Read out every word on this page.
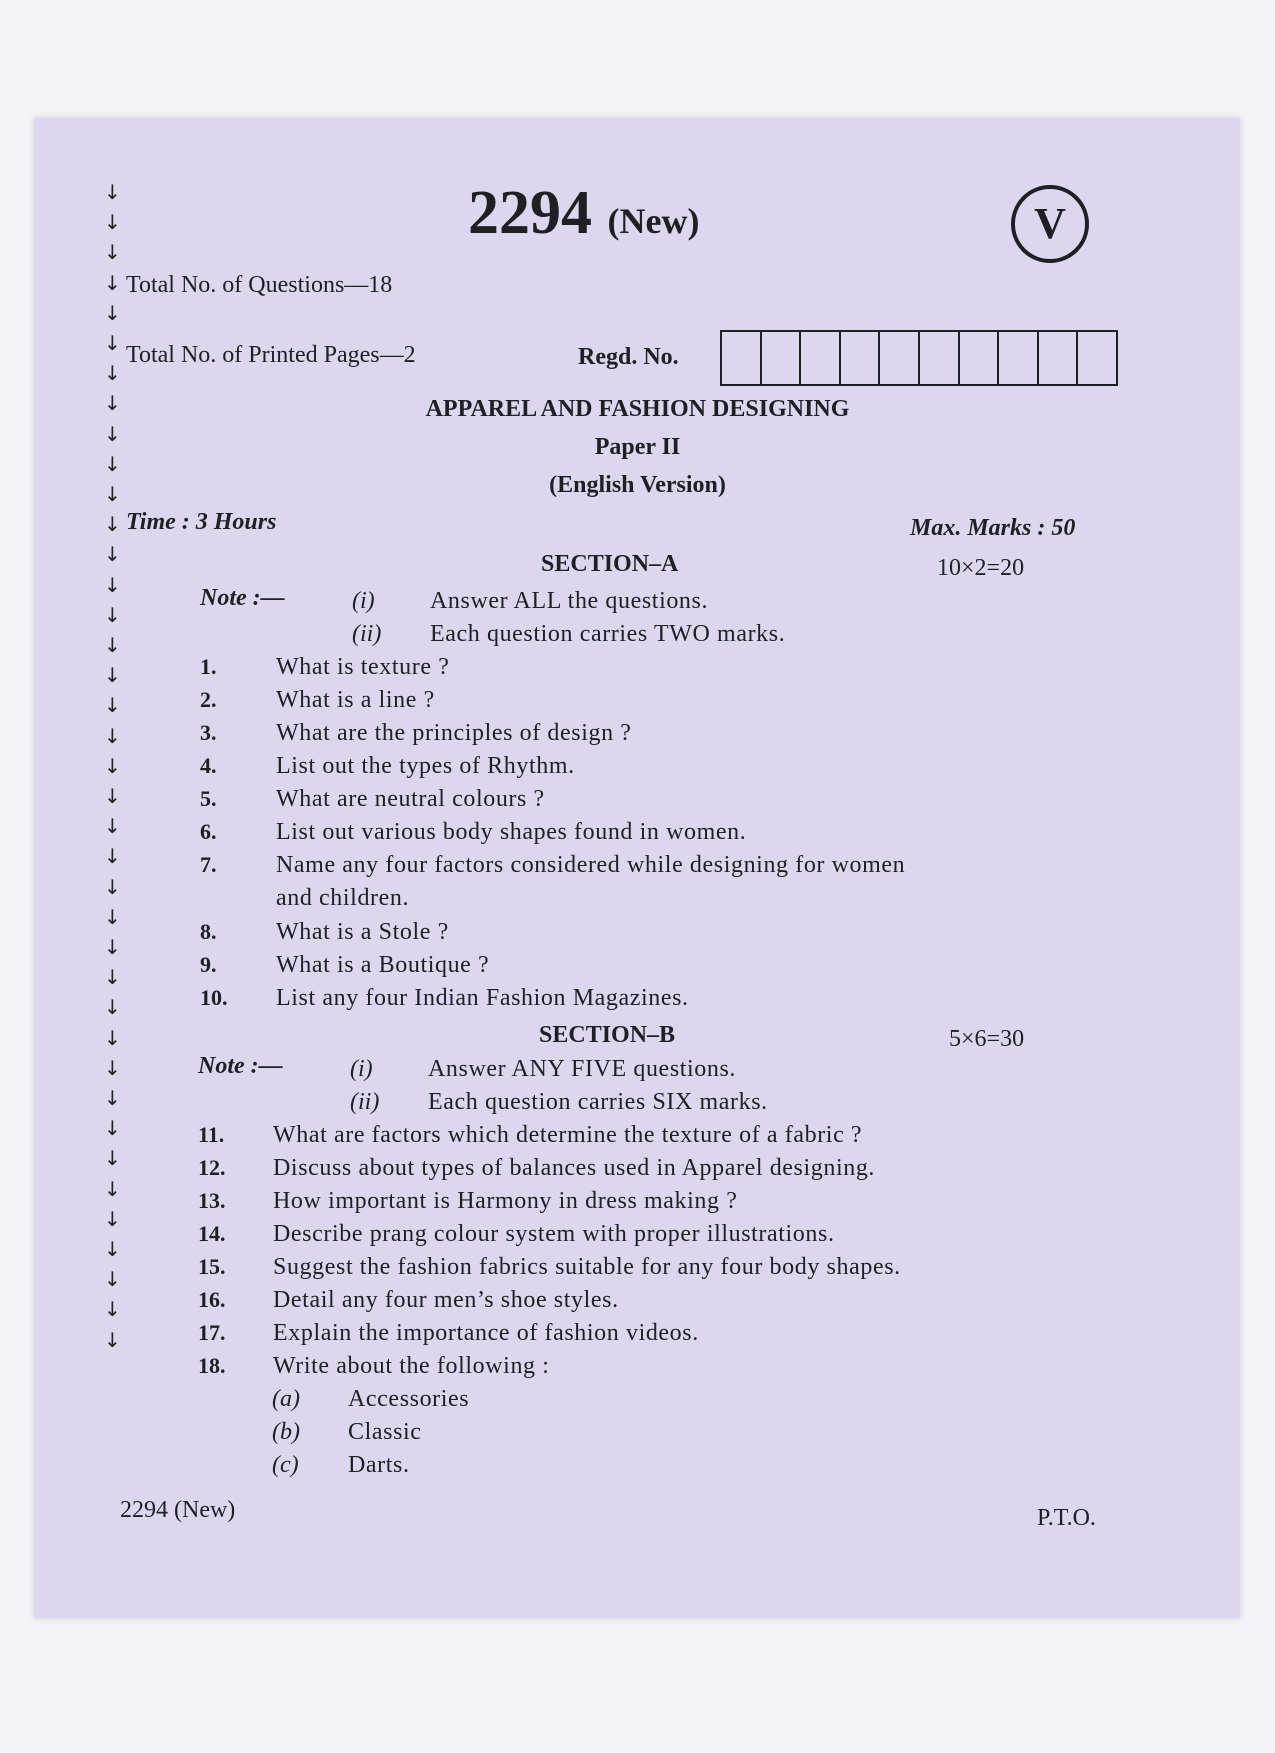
↓
↓
↓
↓
↓
↓
↓
↓
↓
↓
↓
↓
↓
↓
↓
↓
↓
↓
↓
↓
↓
↓
↓
↓
↓
↓
↓
↓
↓
↓
↓
↓
↓
↓
↓
↓
↓
↓
↓
2294 (New)	V
Total No. of Questions—18
Total No. of Printed Pages—2	Regd. No.
APPAREL AND FASHION DESIGNING
Paper II
(English Version)
Time : 3 Hours	Max. Marks : 50
SECTION–A	10×2=20
Note :—	(i) Answer ALL the questions.
(ii) Each question carries TWO marks.
1. What is texture ?
2. What is a line ?
3. What are the principles of design ?
4. List out the types of Rhythm.
5. What are neutral colours ?
6. List out various body shapes found in women.
7. Name any four factors considered while designing for women
and children.
8. What is a Stole ?
9. What is a Boutique ?
10. List any four Indian Fashion Magazines.
SECTION–B	5×6=30
Note :—	(i) Answer ANY FIVE questions.
(ii) Each question carries SIX marks.
11. What are factors which determine the texture of a fabric ?
12. Discuss about types of balances used in Apparel designing.
13. How important is Harmony in dress making ?
14. Describe prang colour system with proper illustrations.
15. Suggest the fashion fabrics suitable for any four body shapes.
16. Detail any four men’s shoe styles.
17. Explain the importance of fashion videos.
18. Write about the following :
(a) Accessories
(b) Classic
(c) Darts.
2294 (New)	P.T.O.
